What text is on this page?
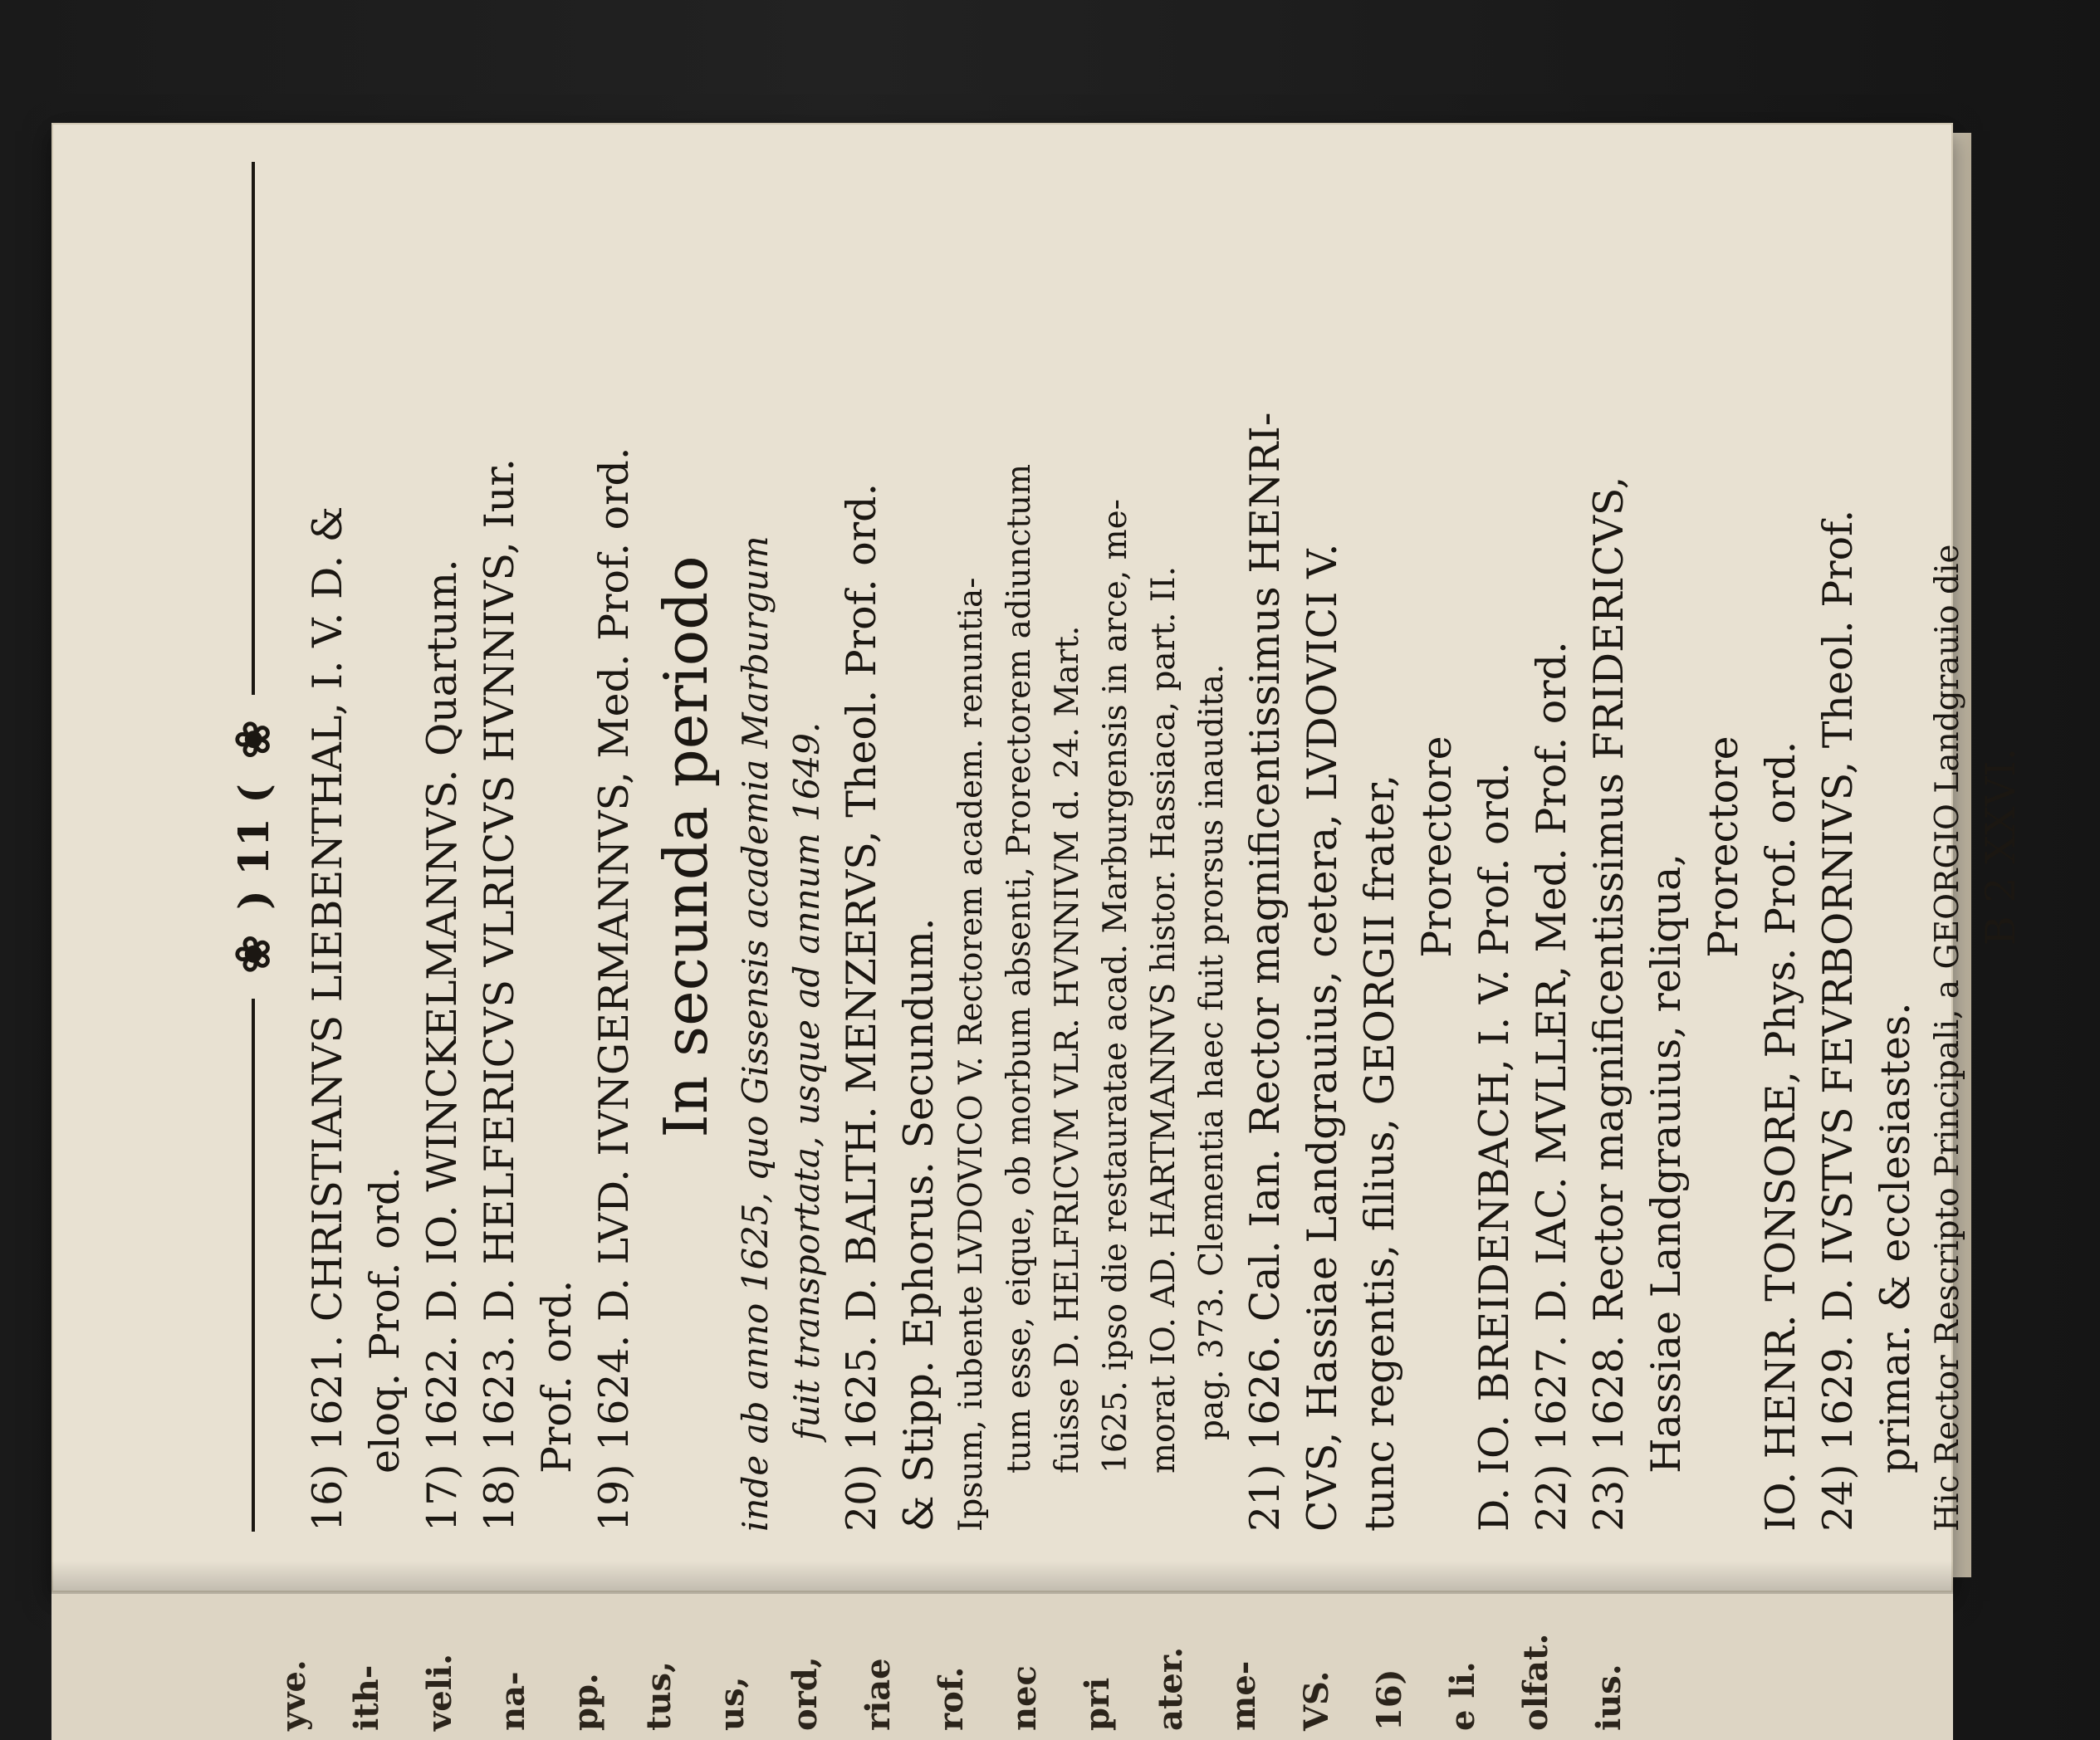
yve. ith- veli. na- pp. tus, us, ord, riae rof. nec pri ater. me- VS. 16) e li. olfat. ius.
❀
) 11 (
❀ 16) 1621. CHRISTIANVS LIEBENTHAL, I. V. D. & eloq. Prof. ord. 17) 1622. D. IO. WINCKELMANNVS. Quartum. 18) 1623. D. HELFERICVS VLRICVS HVNNIVS, Iur. Prof. ord. 19) 1624. D. LVD. IVNGERMANNVS, Med. Prof. ord. In secunda periodo inde ab anno 1625, quo Gissensis academia Marburgum fuit transportata, usque ad annum 1649. 20) 1625. D. BALTH. MENZERVS, Theol. Prof. ord. & Stipp. Ephorus. Secundum. Ipsum, iubente LVDOVICO V. Rectorem academ. renuntia- tum esse, eique, ob morbum absenti, Prorectorem adiunctum fuisse D. HELFRICVM VLR. HVNNIVM d. 24. Mart. 1625. ipso die restauratae acad. Marburgensis in arce, me- morat IO. AD. HARTMANNVS histor. Hassiaca, part. II. pag. 373. Clementia haec fuit prorsus inaudita. 21) 1626. Cal. Ian. Rector magnificentissimus HENRI- CVS, Hassiae Landgrauius, cetera, LVDOVICI V. tunc regentis, filius, GEORGII frater, Prorectore D. IO. BREIDENBACH, I. V. Prof. ord. 22) 1627. D. IAC. MVLLER, Med. Prof. ord. 23) 1628. Rector magnificentissimus FRIDERICVS, Hassiae Landgrauius, reliqua,
Prorectore IO. HENR. TONSORE, Phys. Prof. ord. 24) 1629. D. IVSTVS FEVRBORNIVS, Theol. Prof. primar. & ecclesiastes. Hic Rector Rescripto Principali, a GEORGIO Landgrauio die B 2 XXVI.
